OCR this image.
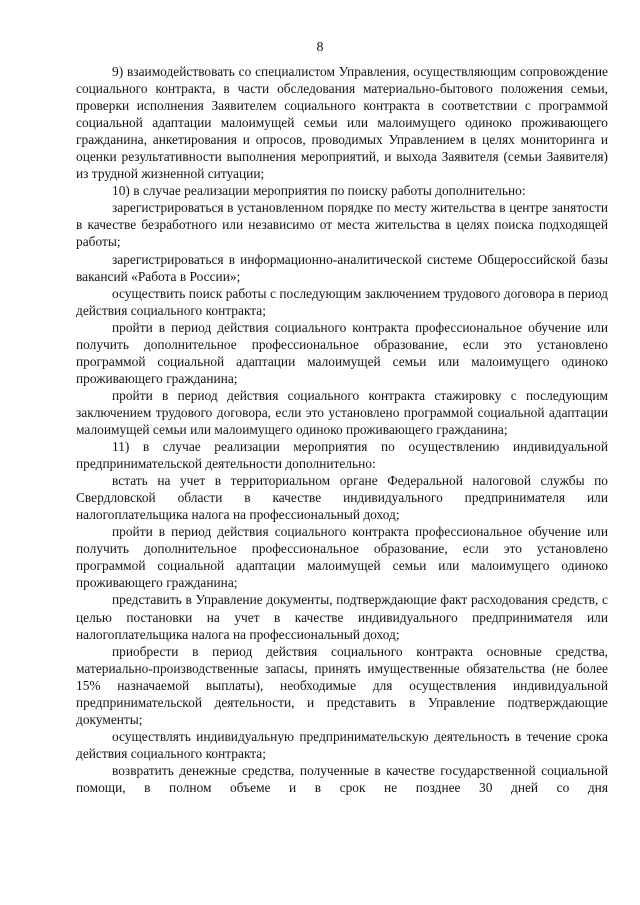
8

9) взаимодействовать со специалистом Управления, осуществляющим сопровождение социального контракта, в части обследования материально-бытового положения семьи, проверки исполнения Заявителем социального контракта в соответствии с программой социальной адаптации малоимущей семьи или малоимущего одиноко проживающего гражданина, анкетирования и опросов, проводимых Управлением в целях мониторинга и оценки результативности выполнения мероприятий, и выхода Заявителя (семьи Заявителя) из трудной жизненной ситуации;

10) в случае реализации мероприятия по поиску работы дополнительно:

зарегистрироваться в установленном порядке по месту жительства в центре занятости в качестве безработного или независимо от места жительства в целях поиска подходящей работы;

зарегистрироваться в информационно-аналитической системе Общероссийской базы вакансий «Работа в России»;

осуществить поиск работы с последующим заключением трудового договора в период действия социального контракта;

пройти в период действия социального контракта профессиональное обучение или получить дополнительное профессиональное образование, если это установлено программой социальной адаптации малоимущей семьи или малоимущего одиноко проживающего гражданина;

пройти в период действия социального контракта стажировку с последующим заключением трудового договора, если это установлено программой социальной адаптации малоимущей семьи или малоимущего одиноко проживающего гражданина;

11) в случае реализации мероприятия по осуществлению индивидуальной предпринимательской деятельности дополнительно:

встать на учет в территориальном органе Федеральной налоговой службы по Свердловской области в качестве индивидуального предпринимателя или налогоплательщика налога на профессиональный доход;

пройти в период действия социального контракта профессиональное обучение или получить дополнительное профессиональное образование, если это установлено программой социальной адаптации малоимущей семьи или малоимущего одиноко проживающего гражданина;

представить в Управление документы, подтверждающие факт расходования средств, с целью постановки на учет в качестве индивидуального предпринимателя или налогоплательщика налога на профессиональный доход;

приобрести в период действия социального контракта основные средства, материально-производственные запасы, принять имущественные обязательства (не более 15% назначаемой выплаты), необходимые для осуществления индивидуальной предпринимательской деятельности, и представить в Управление подтверждающие документы;

осуществлять индивидуальную предпринимательскую деятельность в течение срока действия социального контракта;

возвратить денежные средства, полученные в качестве государственной социальной помощи, в полном объеме и в срок не позднее 30 дней со дня
